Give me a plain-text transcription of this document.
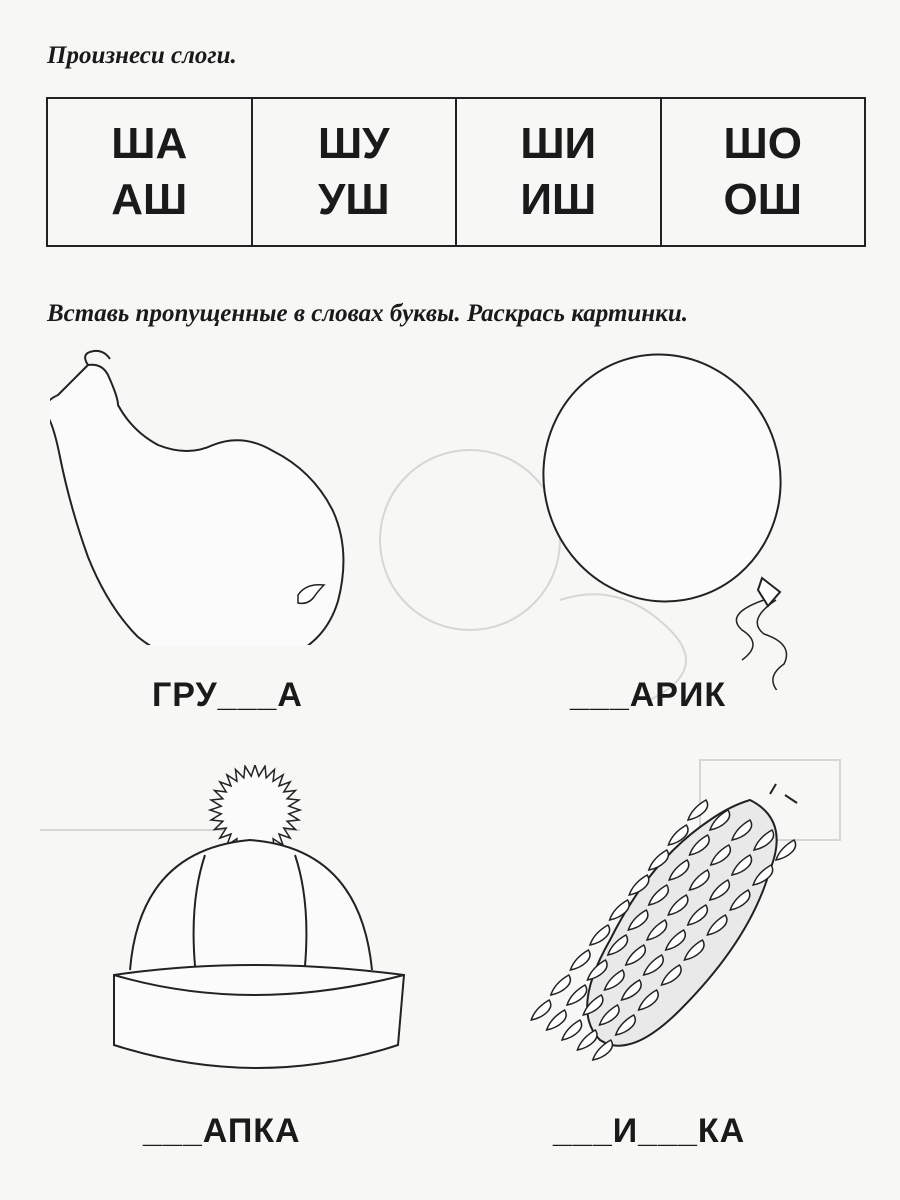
Произнеси слоги.
ША
АШ
ШУ
УШ
ШИ
ИШ
ШО
ОШ
Вставь пропущенные в словах буквы. Раскрась картинки.
ГРУ___А	___АРИК
___АПКА	___И___КА
